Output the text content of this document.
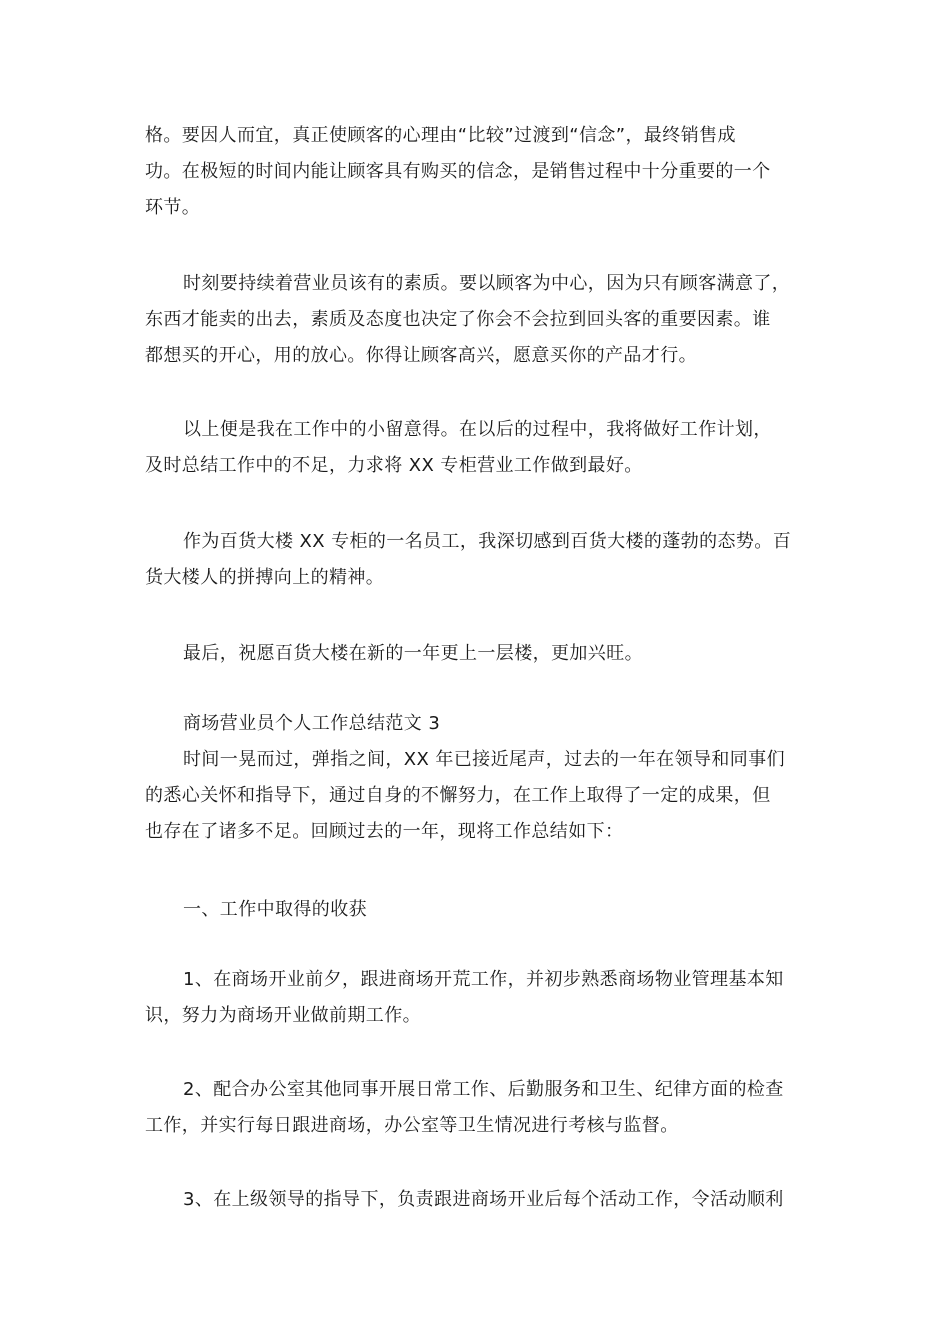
格。要因人而宜，真正使顾客的心理由“比较”过渡到“信念”，最终销售成
功。在极短的时间内能让顾客具有购买的信念，是销售过程中十分重要的一个
环节。
时刻要持续着营业员该有的素质。要以顾客为中心，因为只有顾客满意了，
东西才能卖的出去，素质及态度也决定了你会不会拉到回头客的重要因素。谁
都想买的开心，用的放心。你得让顾客高兴，愿意买你的产品才行。
以上便是我在工作中的小留意得。在以后的过程中，我将做好工作计划，
及时总结工作中的不足，力求将 XX 专柜营业工作做到最好。
作为百货大楼 XX 专柜的一名员工，我深切感到百货大楼的蓬勃的态势。百
货大楼人的拼搏向上的精神。
最后，祝愿百货大楼在新的一年更上一层楼，更加兴旺。
商场营业员个人工作总结范文 3
时间一晃而过，弹指之间，XX 年已接近尾声，过去的一年在领导和同事们
的悉心关怀和指导下，通过自身的不懈努力，在工作上取得了一定的成果，但
也存在了诸多不足。回顾过去的一年，现将工作总结如下：
一、工作中取得的收获
1、在商场开业前夕，跟进商场开荒工作，并初步熟悉商场物业管理基本知
识，努力为商场开业做前期工作。
2、配合办公室其他同事开展日常工作、后勤服务和卫生、纪律方面的检查
工作，并实行每日跟进商场，办公室等卫生情况进行考核与监督。
3、在上级领导的指导下，负责跟进商场开业后每个活动工作，令活动顺利
